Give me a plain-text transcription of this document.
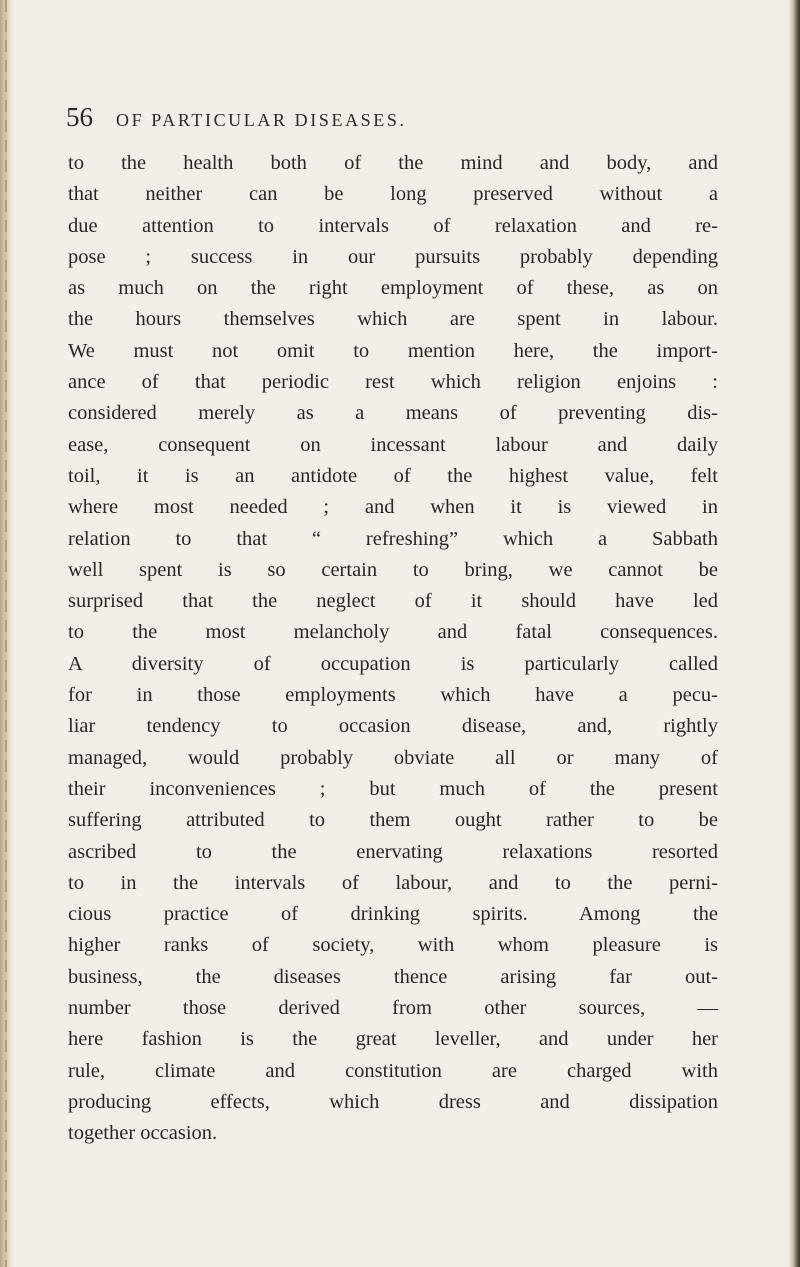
56 OF PARTICULAR DISEASES.
to the health both of the mind and body, and
that neither can be long preserved without a
due attention to intervals of relaxation and re-
pose ; success in our pursuits probably depending
as much on the right employment of these, as on
the hours themselves which are spent in labour.
We must not omit to mention here, the import-
ance of that periodic rest which religion enjoins :
considered merely as a means of preventing dis-
ease, consequent on incessant labour and daily
toil, it is an antidote of the highest value, felt
where most needed ; and when it is viewed in
relation to that “ refreshing” which a Sabbath
well spent is so certain to bring, we cannot be
surprised that the neglect of it should have led
to the most melancholy and fatal consequences.
A diversity of occupation is particularly called
for in those employments which have a pecu-
liar tendency to occasion disease, and, rightly
managed, would probably obviate all or many of
their inconveniences ; but much of the present
suffering attributed to them ought rather to be
ascribed to the enervating relaxations resorted
to in the intervals of labour, and to the perni-
cious practice of drinking spirits. Among the
higher ranks of society, with whom pleasure is
business, the diseases thence arising far out-
number those derived from other sources, —
here fashion is the great leveller, and under her
rule, climate and constitution are charged with
producing effects, which dress and dissipation
together occasion.
